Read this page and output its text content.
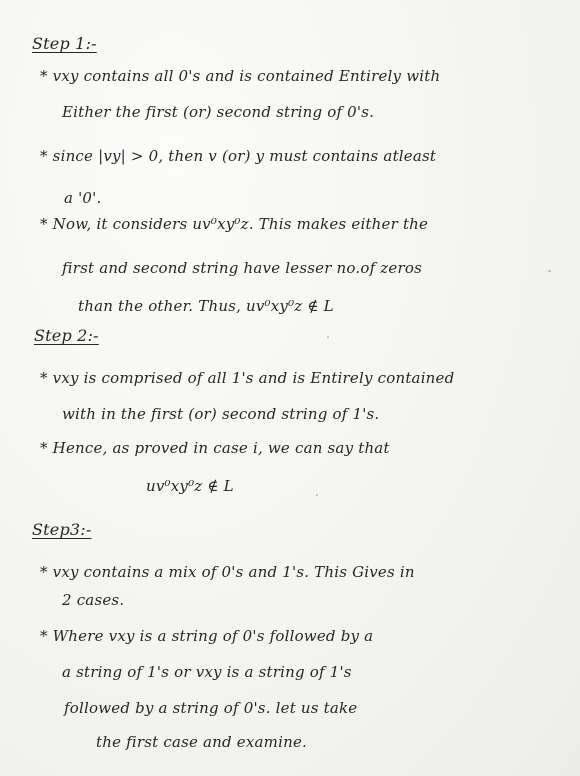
Step 1:-
* vxy contains all 0's and is contained Entirely with
Either the first (or) second string of 0's.
* since |vy| > 0, then v (or) y must contains atleast
a '0'.
* Now, it considers uv⁰xy⁰z. This makes either the
first and second string have lesser no.of zeros
than the other. Thus, uv⁰xy⁰z ∉ L
Step 2:-
* vxy is comprised of all 1's and is Entirely contained
with in the first (or) second string of 1's.
* Hence, as proved in case i, we can say that
uv⁰xy⁰z ∉ L
Step3:-
* vxy contains a mix of 0's and 1's. This Gives in
2 cases.
* Where vxy is a string of 0's followed by a
a string of 1's or vxy is a string of 1's
followed by a string of 0's. let us take
the first case and examine.
